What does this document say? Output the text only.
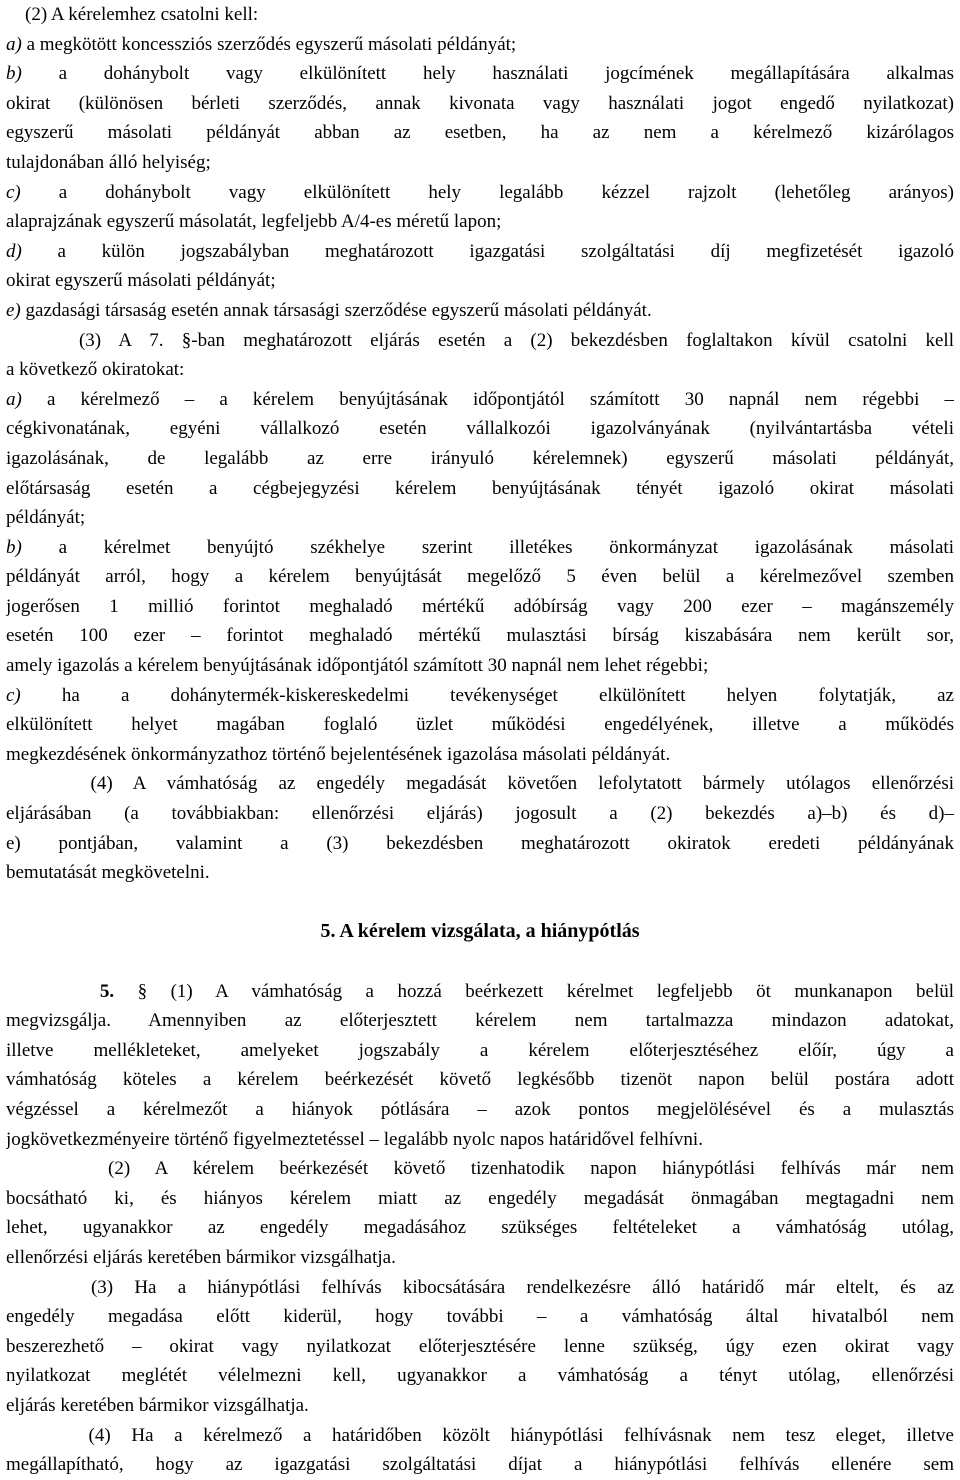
(2) A kérelemhez csatolni kell:
a) a megkötött koncessziós szerződés egyszerű másolati példányát;
b) a dohánybolt vagy elkülönített hely használati jogcímének megállapítására alkalmas
okirat (különösen bérleti szerződés, annak kivonata vagy használati jogot engedő nyilatkozat)
egyszerű másolati példányát abban az esetben, ha az nem a kérelmező kizárólagos
tulajdonában álló helyiség;
c) a dohánybolt vagy elkülönített hely legalább kézzel rajzolt (lehetőleg arányos)
alaprajzának egyszerű másolatát, legfeljebb A/4-es méretű lapon;
d) a külön jogszabályban meghatározott igazgatási szolgáltatási díj megfizetését igazoló
okirat egyszerű másolati példányát;
e) gazdasági társaság esetén annak társasági szerződése egyszerű másolati példányát.
(3) A 7. §-ban meghatározott eljárás esetén a (2) bekezdésben foglaltakon kívül csatolni kell
a következő okiratokat:
a) a kérelmező – a kérelem benyújtásának időpontjától számított 30 napnál nem régebbi –
cégkivonatának, egyéni vállalkozó esetén vállalkozói igazolványának (nyilvántartásba vételi
igazolásának, de legalább az erre irányuló kérelemnek) egyszerű másolati példányát,
előtársaság esetén a cégbejegyzési kérelem benyújtásának tényét igazoló okirat másolati
példányát;
b) a kérelmet benyújtó székhelye szerint illetékes önkormányzat igazolásának másolati
példányát arról, hogy a kérelem benyújtását megelőző 5 éven belül a kérelmezővel szemben
jogerősen 1 millió forintot meghaladó mértékű adóbírság vagy 200 ezer – magánszemély
esetén 100 ezer – forintot meghaladó mértékű mulasztási bírság kiszabására nem került sor,
amely igazolás a kérelem benyújtásának időpontjától számított 30 napnál nem lehet régebbi;
c) ha a dohánytermék-kiskereskedelmi tevékenységet elkülönített helyen folytatják, az
elkülönített helyet magában foglaló üzlet működési engedélyének, illetve a működés
megkezdésének önkormányzathoz történő bejelentésének igazolása másolati példányát.
(4) A vámhatóság az engedély megadását követően lefolytatott bármely utólagos ellenőrzési
eljárásában (a továbbiakban: ellenőrzési eljárás) jogosult a (2) bekezdés a)–b) és d)–
e) pontjában, valamint a (3) bekezdésben meghatározott okiratok eredeti példányának
bemutatását megkövetelni.
5. A kérelem vizsgálata, a hiánypótlás
5. § (1) A vámhatóság a hozzá beérkezett kérelmet legfeljebb öt munkanapon belül
megvizsgálja. Amennyiben az előterjesztett kérelem nem tartalmazza mindazon adatokat,
illetve mellékleteket, amelyeket jogszabály a kérelem előterjesztéséhez előír, úgy a
vámhatóság köteles a kérelem beérkezését követő legkésőbb tizenöt napon belül postára adott
végzéssel a kérelmezőt a hiányok pótlására – azok pontos megjelölésével és a mulasztás
jogkövetkezményeire történő figyelmeztetéssel – legalább nyolc napos határidővel felhívni.
(2) A kérelem beérkezését követő tizenhatodik napon hiánypótlási felhívás már nem
bocsátható ki, és hiányos kérelem miatt az engedély megadását önmagában megtagadni nem
lehet, ugyanakkor az engedély megadásához szükséges feltételeket a vámhatóság utólag,
ellenőrzési eljárás keretében bármikor vizsgálhatja.
(3) Ha a hiánypótlási felhívás kibocsátására rendelkezésre álló határidő már eltelt, és az
engedély megadása előtt kiderül, hogy további – a vámhatóság által hivatalból nem
beszerezhető – okirat vagy nyilatkozat előterjesztésére lenne szükség, úgy ezen okirat vagy
nyilatkozat meglétét vélelmezni kell, ugyanakkor a vámhatóság a tényt utólag, ellenőrzési
eljárás keretében bármikor vizsgálhatja.
(4) Ha a kérelmező a határidőben közölt hiánypótlási felhívásnak nem tesz eleget, illetve
megállapítható, hogy az igazgatási szolgáltatási díjat a hiánypótlási felhívás ellenére sem
